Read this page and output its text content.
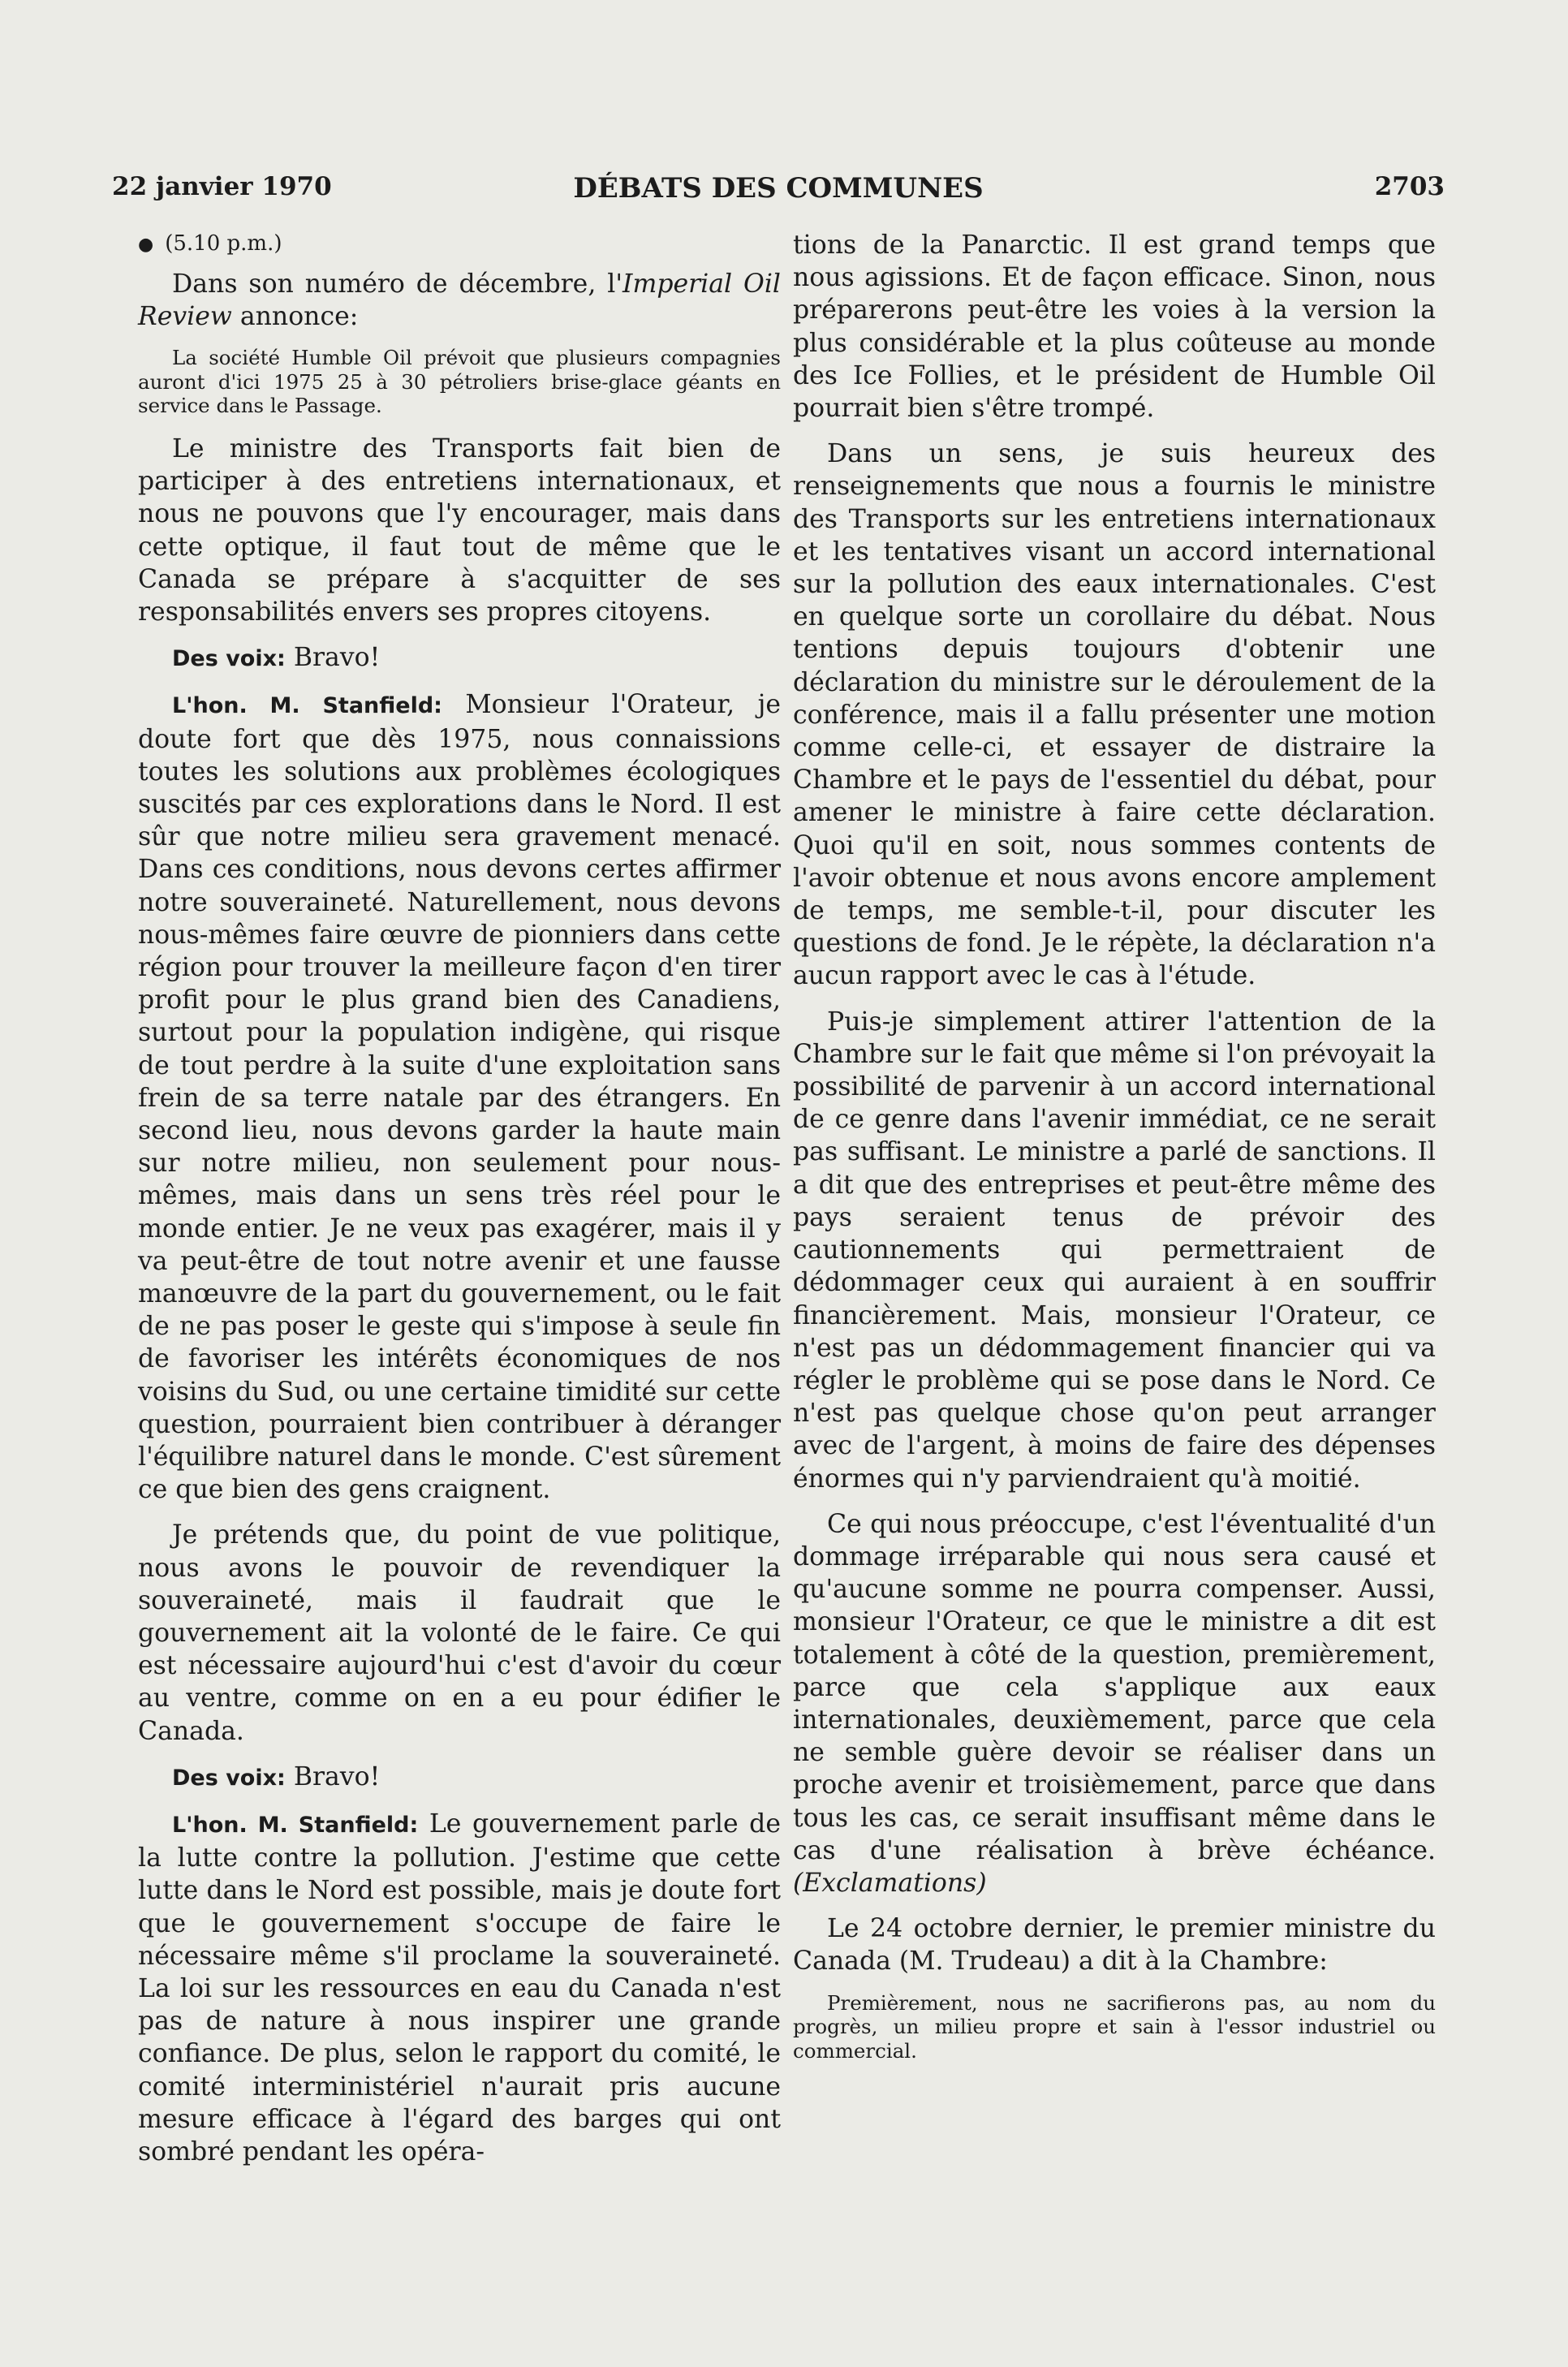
22 janvier 1970	DÉBATS DES COMMUNES	2703
● (5.10 p.m.)

Dans son numéro de décembre, l'Imperial Oil Review annonce:

La société Humble Oil prévoit que plusieurs compagnies auront d'ici 1975 25 à 30 pétroliers brise-glace géants en service dans le Passage.

Le ministre des Transports fait bien de participer à des entretiens internationaux, et nous ne pouvons que l'y encourager, mais dans cette optique, il faut tout de même que le Canada se prépare à s'acquitter de ses responsabilités envers ses propres citoyens.

Des voix: Bravo!

L'hon. M. Stanfield: Monsieur l'Orateur, je doute fort que dès 1975, nous connaissions toutes les solutions aux problèmes écologiques suscités par ces explorations dans le Nord. Il est sûr que notre milieu sera gravement menacé. Dans ces conditions, nous devons certes affirmer notre souveraineté. Naturellement, nous devons nous-mêmes faire œuvre de pionniers dans cette région pour trouver la meilleure façon d'en tirer profit pour le plus grand bien des Canadiens, surtout pour la population indigène, qui risque de tout perdre à la suite d'une exploitation sans frein de sa terre natale par des étrangers. En second lieu, nous devons garder la haute main sur notre milieu, non seulement pour nous-mêmes, mais dans un sens très réel pour le monde entier. Je ne veux pas exagérer, mais il y va peut-être de tout notre avenir et une fausse manœuvre de la part du gouvernement, ou le fait de ne pas poser le geste qui s'impose à seule fin de favoriser les intérêts économiques de nos voisins du Sud, ou une certaine timidité sur cette question, pourraient bien contribuer à déranger l'équilibre naturel dans le monde. C'est sûrement ce que bien des gens craignent.

Je prétends que, du point de vue politique, nous avons le pouvoir de revendiquer la souveraineté, mais il faudrait que le gouvernement ait la volonté de le faire. Ce qui est nécessaire aujourd'hui c'est d'avoir du cœur au ventre, comme on en a eu pour édifier le Canada.

Des voix: Bravo!

L'hon. M. Stanfield: Le gouvernement parle de la lutte contre la pollution. J'estime que cette lutte dans le Nord est possible, mais je doute fort que le gouvernement s'occupe de faire le nécessaire même s'il proclame la souveraineté. La loi sur les ressources en eau du Canada n'est pas de nature à nous inspirer une grande confiance. De plus, selon le rapport du comité, le comité interministériel n'aurait pris aucune mesure efficace à l'égard des barges qui ont sombré pendant les opéra-

tions de la Panarctic. Il est grand temps que nous agissions. Et de façon efficace. Sinon, nous préparerons peut-être les voies à la version la plus considérable et la plus coûteuse au monde des Ice Follies, et le président de Humble Oil pourrait bien s'être trompé.

Dans un sens, je suis heureux des renseignements que nous a fournis le ministre des Transports sur les entretiens internationaux et les tentatives visant un accord international sur la pollution des eaux internationales. C'est en quelque sorte un corollaire du débat. Nous tentions depuis toujours d'obtenir une déclaration du ministre sur le déroulement de la conférence, mais il a fallu présenter une motion comme celle-ci, et essayer de distraire la Chambre et le pays de l'essentiel du débat, pour amener le ministre à faire cette déclaration. Quoi qu'il en soit, nous sommes contents de l'avoir obtenue et nous avons encore amplement de temps, me semble-t-il, pour discuter les questions de fond. Je le répète, la déclaration n'a aucun rapport avec le cas à l'étude.

Puis-je simplement attirer l'attention de la Chambre sur le fait que même si l'on prévoyait la possibilité de parvenir à un accord international de ce genre dans l'avenir immédiat, ce ne serait pas suffisant. Le ministre a parlé de sanctions. Il a dit que des entreprises et peut-être même des pays seraient tenus de prévoir des cautionnements qui permettraient de dédommager ceux qui auraient à en souffrir financièrement. Mais, monsieur l'Orateur, ce n'est pas un dédommagement financier qui va régler le problème qui se pose dans le Nord. Ce n'est pas quelque chose qu'on peut arranger avec de l'argent, à moins de faire des dépenses énormes qui n'y parviendraient qu'à moitié.

Ce qui nous préoccupe, c'est l'éventualité d'un dommage irréparable qui nous sera causé et qu'aucune somme ne pourra compenser. Aussi, monsieur l'Orateur, ce que le ministre a dit est totalement à côté de la question, premièrement, parce que cela s'applique aux eaux internationales, deuxièmement, parce que cela ne semble guère devoir se réaliser dans un proche avenir et troisièmement, parce que dans tous les cas, ce serait insuffisant même dans le cas d'une réalisation à brève échéance. (Exclamations)

Le 24 octobre dernier, le premier ministre du Canada (M. Trudeau) a dit à la Chambre:

Premièrement, nous ne sacrifierons pas, au nom du progrès, un milieu propre et sain à l'essor industriel ou commercial.
